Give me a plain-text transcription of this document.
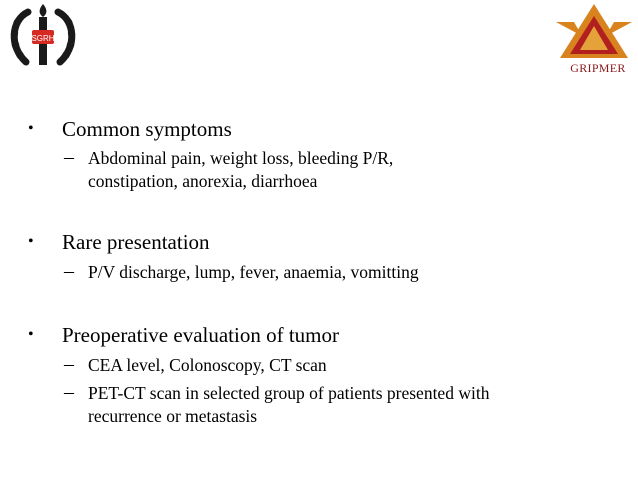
SGRH
GRIPMER
• Common symptoms
– Abdominal pain, weight loss, bleeding P/R,
constipation, anorexia, diarrhoea
• Rare presentation
– P/V discharge, lump, fever, anaemia, vomitting
• Preoperative evaluation of tumor
– CEA level, Colonoscopy, CT scan
– PET-CT scan in selected group of patients presented with
recurrence or metastasis
